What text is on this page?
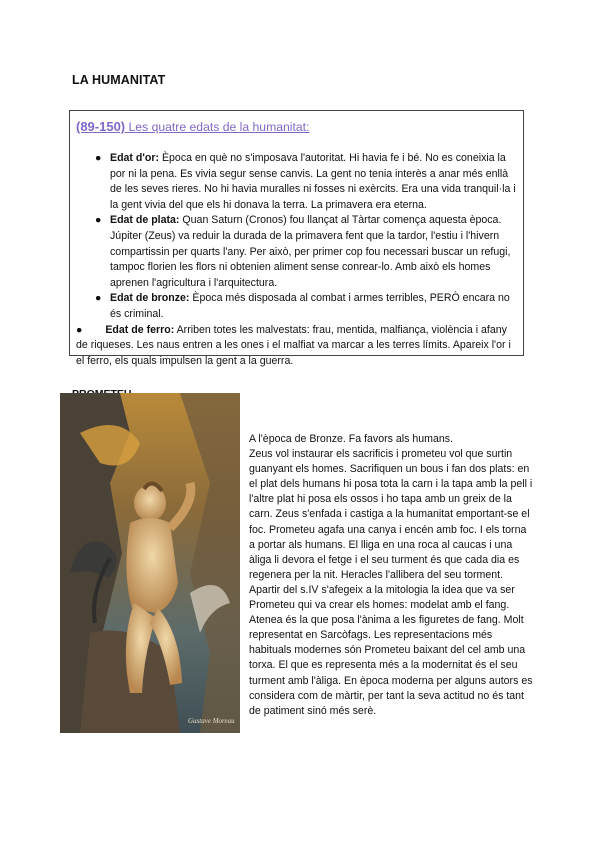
LA HUMANITAT
(89-150) Les quatre edats de la humanitat:
● Edat d'or: Època en què no s'imposava l'autoritat. Hi havia fe i bé. No es coneixia la por ni la pena. Es vivia segur sense canvis. La gent no tenia interès a anar més enllà de les seves rieres. No hi havia muralles ni fosses ni exèrcits. Era una vida tranquil·la i la gent vivia del que els hi donava la terra. La primavera era eterna.
● Edat de plata: Quan Saturn (Cronos) fou llançat al Tàrtar comença aquesta època. Júpiter (Zeus) va reduir la durada de la primavera fent que la tardor, l'estiu i l'hivern compartissin per quarts l'any. Per això, per primer cop fou necessari buscar un refugi, tampoc florien les flors ni obtenien aliment sense conrear-lo. Amb això els homes aprenen l'agricultura i l'arquitectura.
● Edat de bronze: Època més disposada al combat i armes terribles, PERÒ encara no és criminal.
● Edat de ferro: Arriben totes les malvestats: frau, mentida, malfiança, violència i afany de riqueses. Les naus entren a les ones i el malfiat va marcar a les terres límits. Apareix l'or i el ferro, els quals impulsen la gent a la guerra.
Gustave Moreau

A l'època de Bronze. Fa favors als humans.

Zeus vol instaurar els sacrificis i prometeu vol que surtin guanyant els homes. Sacrifiquen un bous i fan dos plats: en el plat dels humans hi posa tota la carn i la tapa amb la pell i l'altre plat hi posa els ossos i ho tapa amb un greix de la carn. Zeus s'enfada i castiga a la humanitat emportant-se el foc. Prometeu agafa una canya i encén amb foc. I els torna a portar als humans. El lliga en una roca al caucas i una àliga li devora el fetge i el seu turment és que cada dia es regenera per la nit. Heracles l'allibera del seu torment.

Apartir del s.IV s'afegeix a la mitologia la idea que va ser Prometeu qui va crear els homes: modelat amb el fang. Atenea és la que posa l'ànima a les figuretes de fang. Molt representat en Sarcòfags. Les representacions més habituals modernes són Prometeu baixant del cel amb una torxa. El que es representa més a la modernitat és el seu turment amb l'àliga. En època moderna per alguns autors es considera com de màrtir, per tant la seva actitud no és tant de patiment sinó més serè.
